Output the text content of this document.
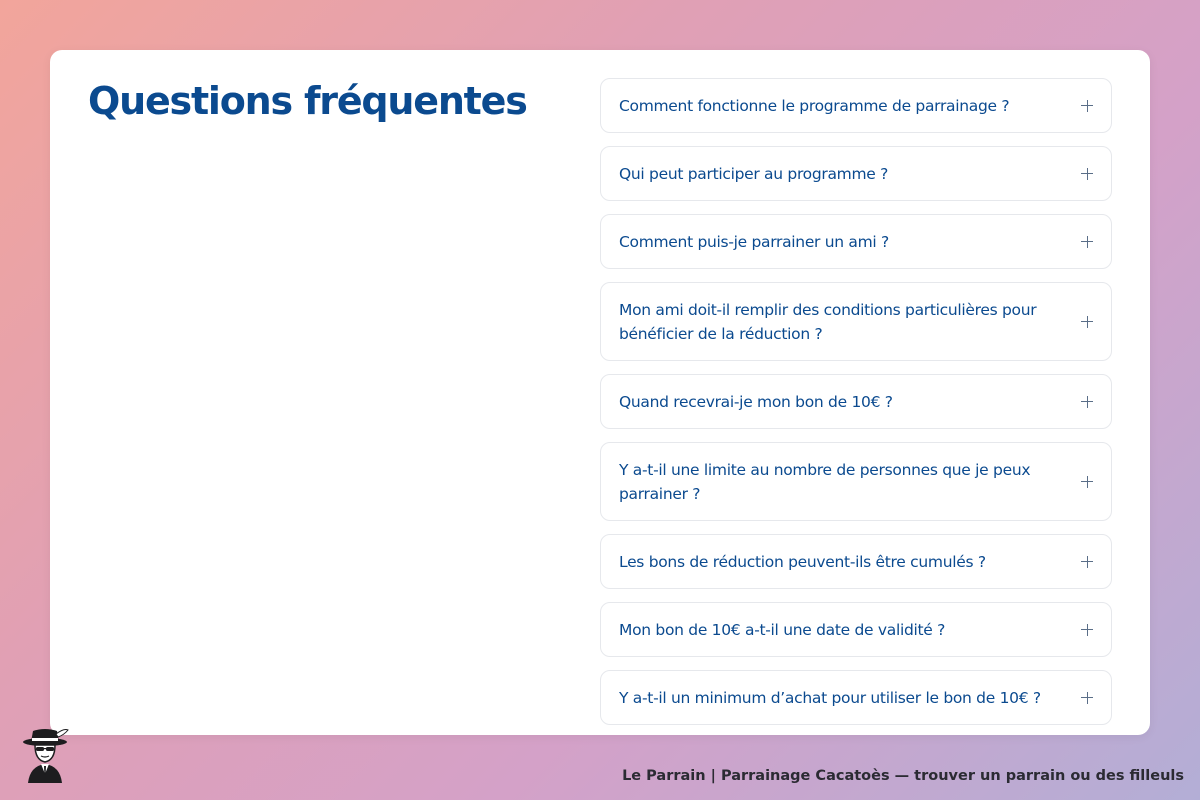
Questions fréquentes	Comment fonctionne le programme de parrainage ?
Qui peut participer au programme ?
Comment puis-je parrainer un ami ?
Mon ami doit-il remplir des conditions particulières pour bénéficier de la réduction ?
Quand recevrai-je mon bon de 10€ ?
Y a-t-il une limite au nombre de personnes que je peux parrainer ?
Les bons de réduction peuvent-ils être cumulés ?
Mon bon de 10€ a-t-il une date de validité ?
Y a-t-il un minimum d’achat pour utiliser le bon de 10€ ?
Le Parrain | Parrainage Cacatoès — trouver un parrain ou des filleuls
